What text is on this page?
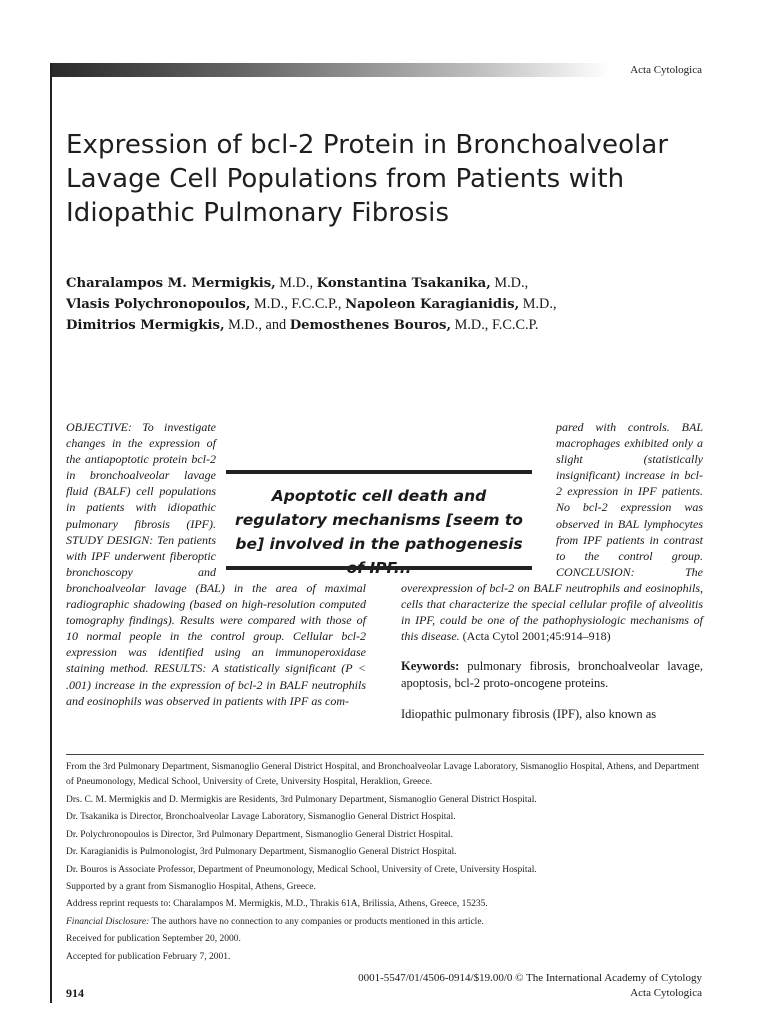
Acta Cytologica
Expression of bcl-2 Protein in Bronchoalveolar Lavage Cell Populations from Patients with Idiopathic Pulmonary Fibrosis
Charalampos M. Mermigkis, M.D., Konstantina Tsakanika, M.D.,
Vlasis Polychronopoulos, M.D., F.C.C.P., Napoleon Karagianidis, M.D.,
Dimitrios Mermigkis, M.D., and Demosthenes Bouros, M.D., F.C.C.P.
OBJECTIVE: To investigate changes in the expression of the antiapoptotic protein bcl-2 in bronchoalveolar lavage fluid (BALF) cell populations in patients with idiopathic pulmonary fibrosis (IPF). STUDY DESIGN: Ten patients with IPF underwent fiberoptic bronchoscopy and bronchoalveolar lavage (BAL) in the area of maximal radiographic shadowing (based on high-resolution computed tomography findings). Results were compared with those of 10 normal people in the control group. Cellular bcl-2 expression was identified using an immunoperoxidase staining method. RESULTS: A statistically significant (P < .001) increase in the expression of bcl-2 in BALF neutrophils and eosinophils was observed in patients with IPF as com-
pared with controls. BAL macrophages exhibited only a slight (statistically insignificant) increase in bcl-2 expression in IPF patients. No bcl-2 expression was observed in BAL lymphocytes from IPF patients in contrast to the control group. CONCLUSION: The overexpression of bcl-2 on BALF neutrophils and eosinophils, cells that characterize the special cellular profile of alveolitis in IPF, could be one of the pathophysiologic mechanisms of this disease. (Acta Cytol 2001;45:914–918)
Keywords: pulmonary fibrosis, bronchoalveolar lavage, apoptosis, bcl-2 proto-oncogene proteins.
Idiopathic pulmonary fibrosis (IPF), also known as
Apoptotic cell death and regulatory mechanisms [seem to be] involved in the pathogenesis

From the 3rd Pulmonary Department, Sismanoglio General District Hospital, and Bronchoalveolar Lavage Laboratory, Sismanoglio Hospital, Athens, and Department of Pneumonology, Medical School, University of Crete, University Hospital, Heraklion, Greece.

Drs. C. M. Mermigkis and D. Mermigkis are Residents, 3rd Pulmonary Department, Sismanoglio General District Hospital.

Dr. Tsakanika is Director, Bronchoalveolar Lavage Laboratory, Sismanoglio General District Hospital.

Dr. Polychronopoulos is Director, 3rd Pulmonary Department, Sismanoglio General District Hospital.

Dr. Karagianidis is Pulmonologist, 3rd Pulmonary Department, Sismanoglio General District Hospital.

Dr. Bouros is Associate Professor, Department of Pneumonology, Medical School, University of Crete, University Hospital.

Supported by a grant from Sismanoglio Hospital, Athens, Greece.

Address reprint requests to: Charalampos M. Mermigkis, M.D., Thrakis 61A, Brilissia, Athens, Greece, 15235.

Financial Disclosure: The authors have no connection to any companies or products mentioned in this article.

Received for publication September 20, 2000.

Accepted for publication February 7, 2001.

0001-5547/01/4506-0914/$19.00/0 © The International Academy of Cytology
914	Acta Cytologica
